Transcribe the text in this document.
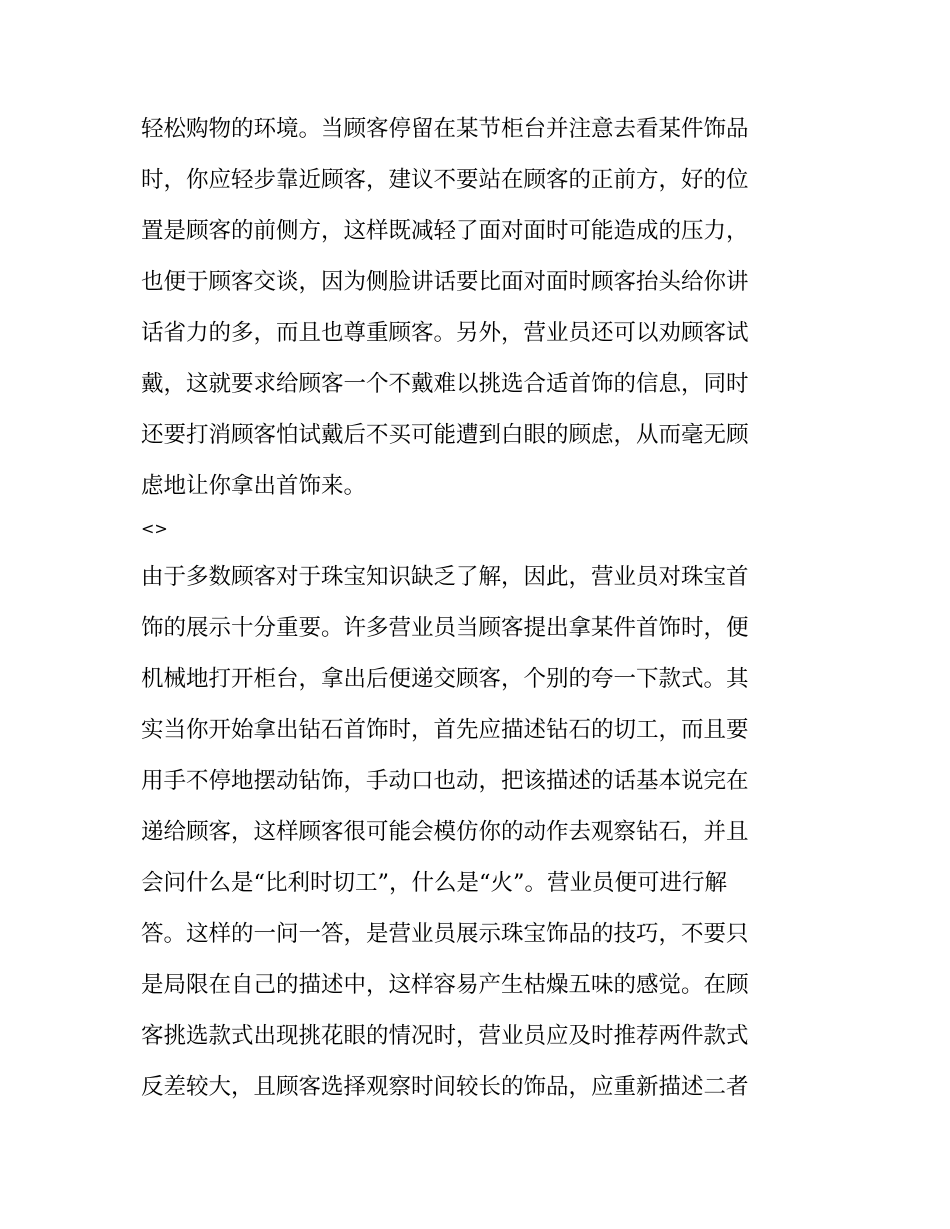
轻松购物的环境。当顾客停留在某节柜台并注意去看某件饰品
时，你应轻步靠近顾客，建议不要站在顾客的正前方，好的位
置是顾客的前侧方，这样既减轻了面对面时可能造成的压力，
也便于顾客交谈，因为侧脸讲话要比面对面时顾客抬头给你讲
话省力的多，而且也尊重顾客。另外，营业员还可以劝顾客试
戴，这就要求给顾客一个不戴难以挑选合适首饰的信息，同时
还要打消顾客怕试戴后不买可能遭到白眼的顾虑，从而毫无顾
虑地让你拿出首饰来。
<>
由于多数顾客对于珠宝知识缺乏了解，因此，营业员对珠宝首
饰的展示十分重要。许多营业员当顾客提出拿某件首饰时，便
机械地打开柜台，拿出后便递交顾客，个别的夸一下款式。其
实当你开始拿出钻石首饰时，首先应描述钻石的切工，而且要
用手不停地摆动钻饰，手动口也动，把该描述的话基本说完在
递给顾客，这样顾客很可能会模仿你的动作去观察钻石，并且
会问什么是“比利时切工”，什么是“火”。营业员便可进行解
答。这样的一问一答，是营业员展示珠宝饰品的技巧，不要只
是局限在自己的描述中，这样容易产生枯燥五味的感觉。在顾
客挑选款式出现挑花眼的情况时，营业员应及时推荐两件款式
反差较大，且顾客选择观察时间较长的饰品，应重新描述二者
